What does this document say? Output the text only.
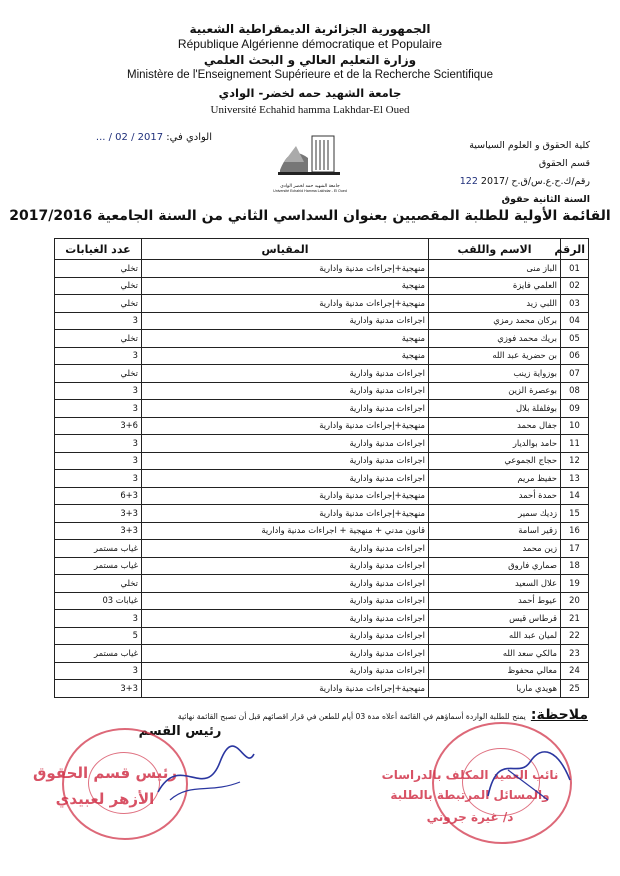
الجمهورية الجزائرية الديمقراطية الشعبية
République Algérienne démocratique et Populaire
وزارة التعليم العالي و البحث العلمي
Ministère de l'Enseignement Supérieure et de la Recherche Scientifique
جامعة الشهيد حمه لخضر- الوادي
Université Echahid hamma Lakhdar-El Oued
الوادي في: 2017 / 02 / ...
كلية الحقوق و العلوم السياسية
قسم الحقوق
رقم/ك.ح.ع.س/ق.ح /2017 122
السنة الثانية حقوق
جامعة الشهيد حمه لخضر الوادي
Université Echahid Hamma Lakhdar - El Oued
القائمة الأولية للطلبة المقصيين بعنوان السداسي الثاني من السنة الجامعية 2017/2016
الرقم	الاسم واللقب	المقياس	عدد الغيابات
01	الباز منى	منهجية+إجراءات مدنية وادارية	تخلي
02	العلمي فايزة	منهجية	تخلي
03	اللبي زيد	منهجية+إجراءات مدنية وادارية	تخلي
04	بركان محمد رمزي	اجراءات مدنية وادارية	3
05	بريك محمد فوزي	منهجية	تخلي
06	بن حضرية عبد الله	منهجية	3
07	بوزواية زينب	اجراءات مدنية وادارية	تخلي
08	بوعصرة الزين	اجراءات مدنية وادارية	3
09	بوفلفلة بلال	اجراءات مدنية وادارية	3
10	جفال محمد	منهجية+إجراءات مدنية وادارية	3+6
11	حامد بوالديار	اجراءات مدنية وادارية	3
12	حجاج الجموعي	اجراءات مدنية وادارية	3
13	حفيظ مريم	اجراءات مدنية وادارية	3
14	حمدة أحمد	منهجية+إجراءات مدنية وادارية	6+3
15	زديك سمير	منهجية+إجراءات مدنية وادارية	3+3
16	زقير اسامة	قانون مدني + منهجية + اجراءات مدنية وادارية	3+3
17	زين محمد	اجراءات مدنية وادارية	غياب مستمر
18	صماري فاروق	اجراءات مدنية وادارية	غياب مستمر
19	علال السعيد	اجراءات مدنية وادارية	تخلي
20	عيوط أحمد	اجراءات مدنية وادارية	غيابات 03
21	قرطاس قيس	اجراءات مدنية وادارية	3
22	لميان عبد الله	اجراءات مدنية وادارية	5
23	مالكي سعد الله	اجراءات مدنية وادارية	غياب مستمر
24	معالي محفوظ	اجراءات مدنية وادارية	3
25	هويدي ماريا	منهجية+إجراءات مدنية وادارية	3+3
ملاحظة: يمنح للطلبة الواردة أسماؤهم في القائمة أعلاه مدة 03 أيام للطعن في قرار اقصائهم قبل أن تصبح القائمة نهائية
رئيس القسم
رئيس قسم الحقوق
الأزهر لعبيدي
نائب العميد المكلف بالدراسات
والمسائل المرتبطة بالطلبة
د/ غيرة جروني
